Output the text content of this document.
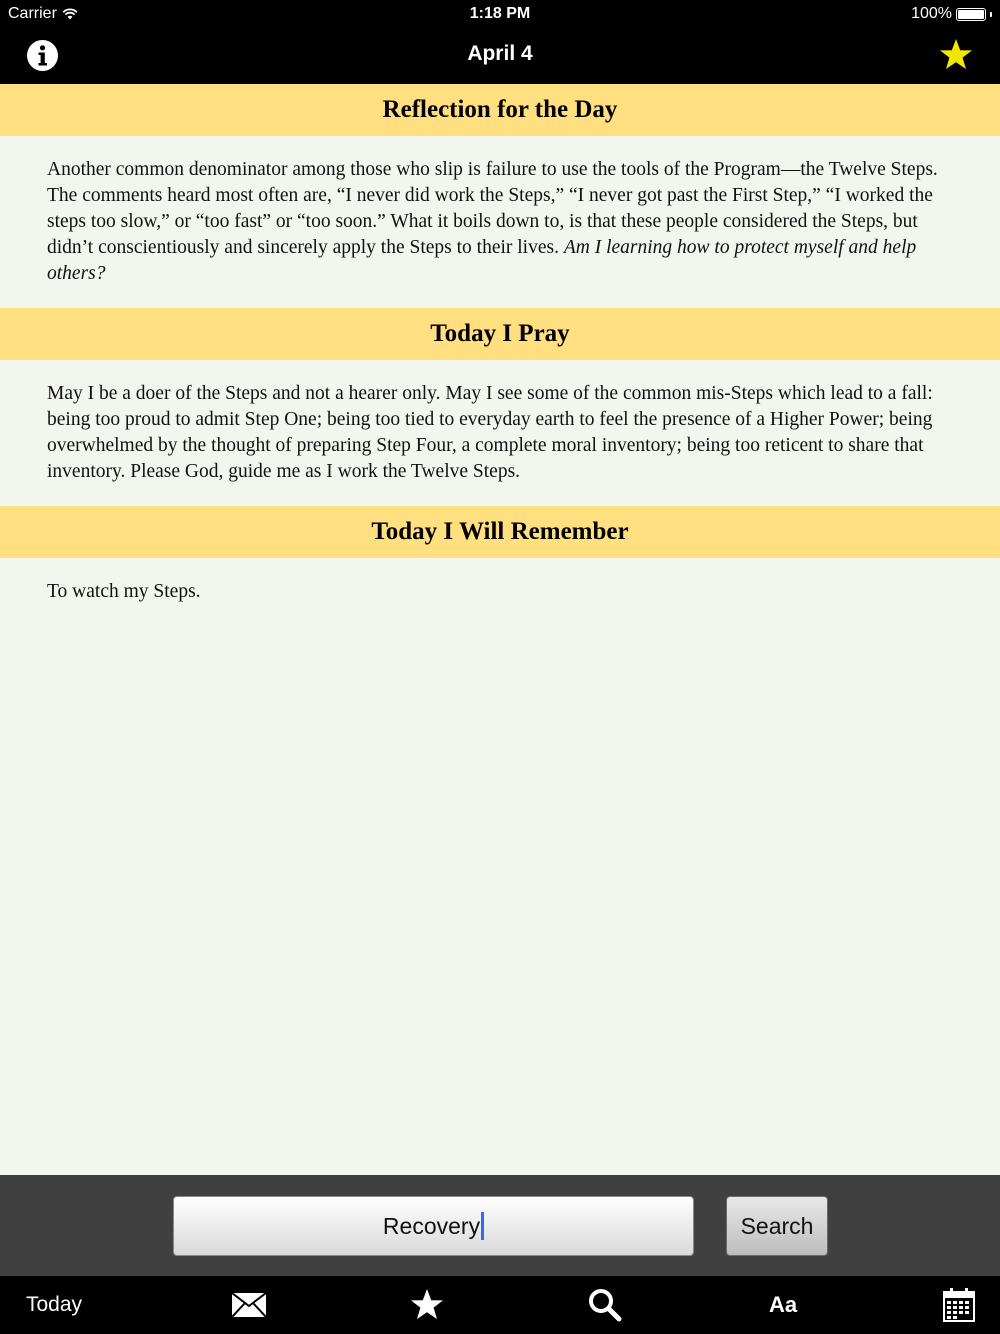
Carrier	1:18 PM	100%
April 4
Reflection for the Day
Another common denominator among those who slip is failure to use the tools of the Program—the Twelve Steps. The comments heard most often are, “I never did work the Steps,” “I never got past the First Step,” “I worked the steps too slow,” or “too fast” or “too soon.” What it boils down to, is that these people considered the Steps, but didn’t conscientiously and sincerely apply the Steps to their lives. Am I learning how to protect myself and help others?
Today I Pray
May I be a doer of the Steps and not a hearer only. May I see some of the common mis-Steps which lead to a fall: being too proud to admit Step One; being too tied to everyday earth to feel the presence of a Higher Power; being overwhelmed by the thought of preparing Step Four, a complete moral inventory; being too reticent to share that inventory. Please God, guide me as I work the Twelve Steps.
Today I Will Remember
To watch my Steps.
Recovery	Search
Today	Aa
